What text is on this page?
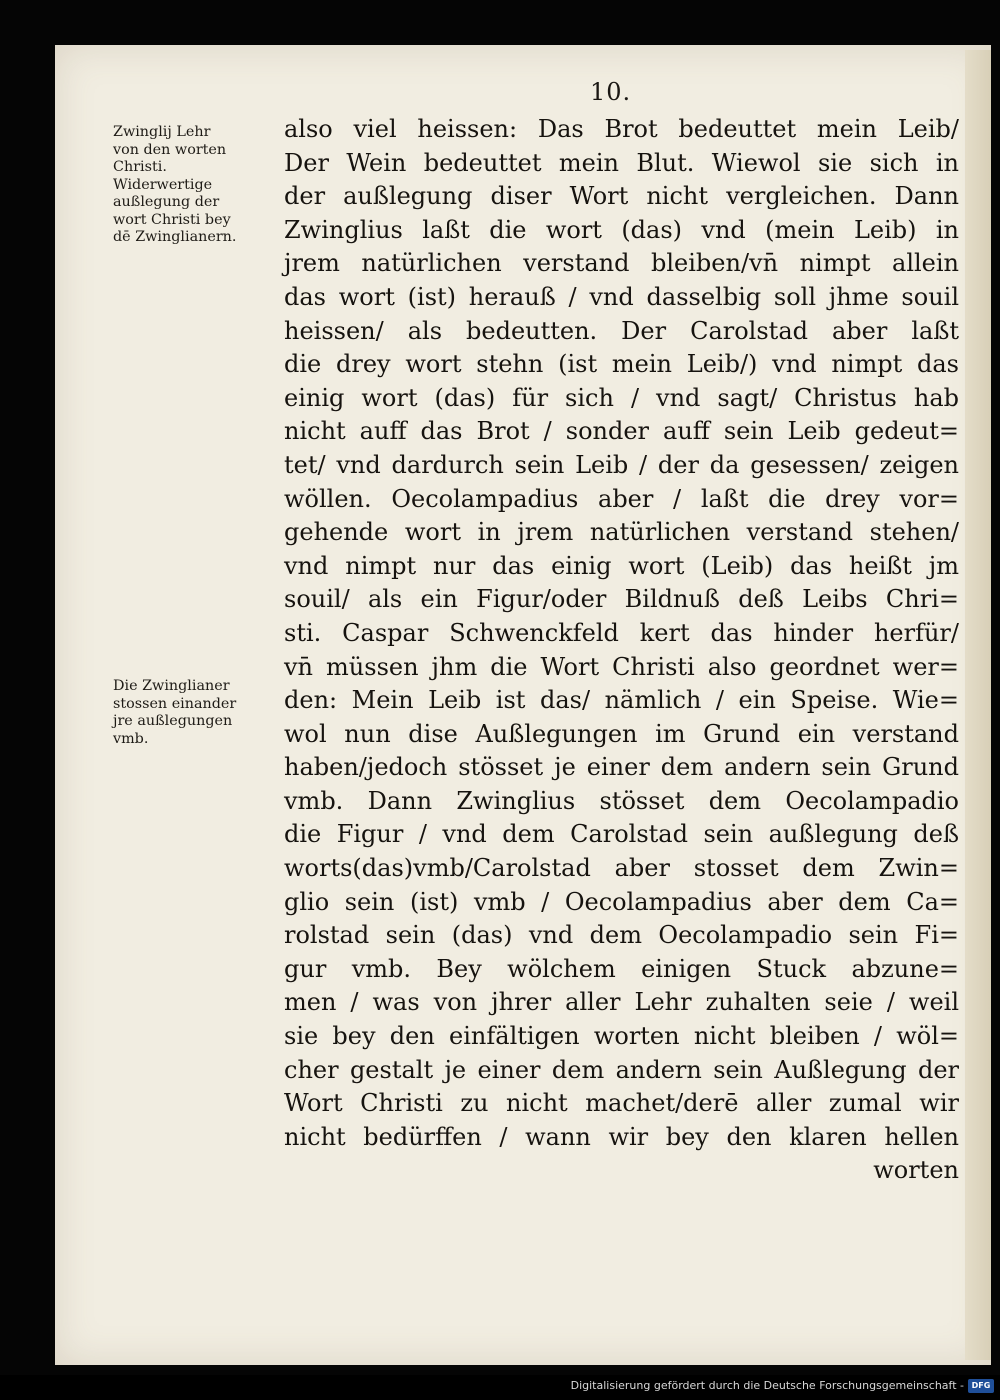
10.
Zwinglij Lehr
von den worten
Christi.
Widerwertige
außlegung der
wort Christi bey
dē Zwinglianern.
Die Zwinglianer
stossen einander
jre außlegungen
vmb.
also viel heissen: Das Brot bedeuttet mein Leib/
Der Wein bedeuttet mein Blut. Wiewol sie sich in
der außlegung diser Wort nicht vergleichen. Dann
Zwinglius laßt die wort (das) vnd (mein Leib) in
jrem natürlichen verstand bleiben/vn̄ nimpt allein
das wort (ist) herauß / vnd dasselbig soll jhme souil
heissen/ als bedeutten. Der Carolstad aber laßt
die drey wort stehn (ist mein Leib/) vnd nimpt das
einig wort (das) für sich / vnd sagt/ Christus hab
nicht auff das Brot / sonder auff sein Leib gedeut=
tet/ vnd dardurch sein Leib / der da gesessen/ zeigen
wöllen. Oecolampadius aber / laßt die drey vor=
gehende wort in jrem natürlichen verstand stehen/
vnd nimpt nur das einig wort (Leib) das heißt jm
souil/ als ein Figur/oder Bildnuß deß Leibs Chri=
sti. Caspar Schwenckfeld kert das hinder herfür/
vn̄ müssen jhm die Wort Christi also geordnet wer=
den: Mein Leib ist das/ nämlich / ein Speise. Wie=
wol nun dise Außlegungen im Grund ein verstand
haben/jedoch stösset je einer dem andern sein Grund
vmb. Dann Zwinglius stösset dem Oecolampadio
die Figur / vnd dem Carolstad sein außlegung deß
worts(das)vmb/Carolstad aber stosset dem Zwin=
glio sein (ist) vmb / Oecolampadius aber dem Ca=
rolstad sein (das) vnd dem Oecolampadio sein Fi=
gur vmb. Bey wölchem einigen Stuck abzune=
men / was von jhrer aller Lehr zuhalten seie / weil
sie bey den einfältigen worten nicht bleiben / wöl=
cher gestalt je einer dem andern sein Außlegung der
Wort Christi zu nicht machet/derē aller zumal wir
nicht bedürffen / wann wir bey den klaren hellen
worten
Digitalisierung gefördert durch die Deutsche Forschungsgemeinschaft - DFG
